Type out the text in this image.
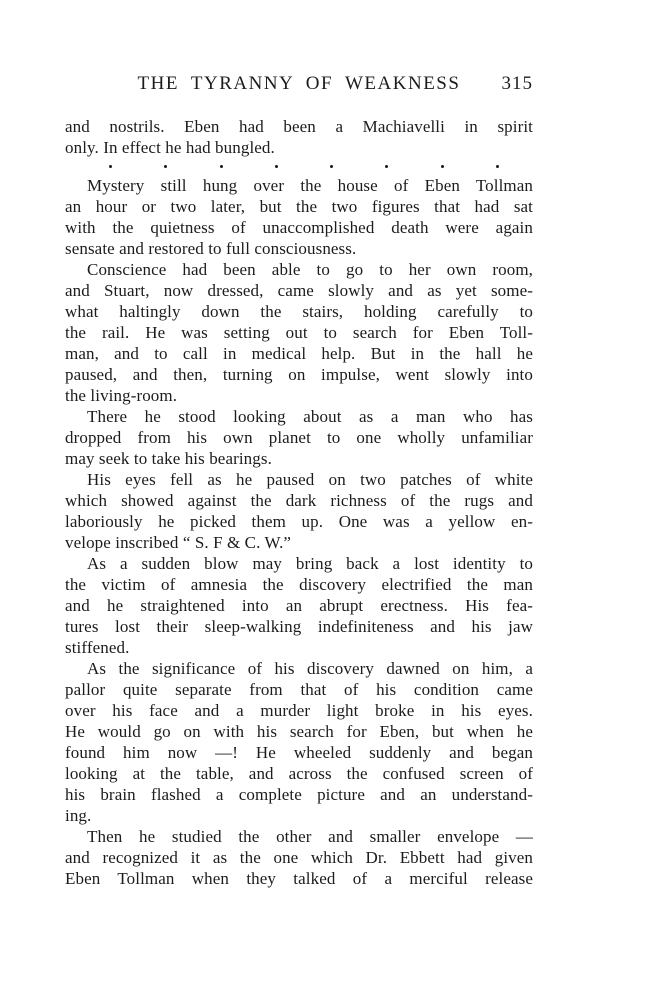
THE TYRANNY OF WEAKNESS 315
and nostrils. Eben had been a Machiavelli in spirit
only. In effect he had bungled.
Mystery still hung over the house of Eben Tollman
an hour or two later, but the two figures that had sat
with the quietness of unaccomplished death were again
sensate and restored to full consciousness.
Conscience had been able to go to her own room,
and Stuart, now dressed, came slowly and as yet some-
what haltingly down the stairs, holding carefully to
the rail. He was setting out to search for Eben Toll-
man, and to call in medical help. But in the hall he
paused, and then, turning on impulse, went slowly into
the living-room.
There he stood looking about as a man who has
dropped from his own planet to one wholly unfamiliar
may seek to take his bearings.
His eyes fell as he paused on two patches of white
which showed against the dark richness of the rugs and
laboriously he picked them up. One was a yellow en-
velope inscribed “ S. F & C. W.”
As a sudden blow may bring back a lost identity to
the victim of amnesia the discovery electrified the man
and he straightened into an abrupt erectness. His fea-
tures lost their sleep-walking indefiniteness and his jaw
stiffened.
As the significance of his discovery dawned on him, a
pallor quite separate from that of his condition came
over his face and a murder light broke in his eyes.
He would go on with his search for Eben, but when he
found him now —! He wheeled suddenly and began
looking at the table, and across the confused screen of
his brain flashed a complete picture and an understand-
ing.
Then he studied the other and smaller envelope —
and recognized it as the one which Dr. Ebbett had given
Eben Tollman when they talked of a merciful release
